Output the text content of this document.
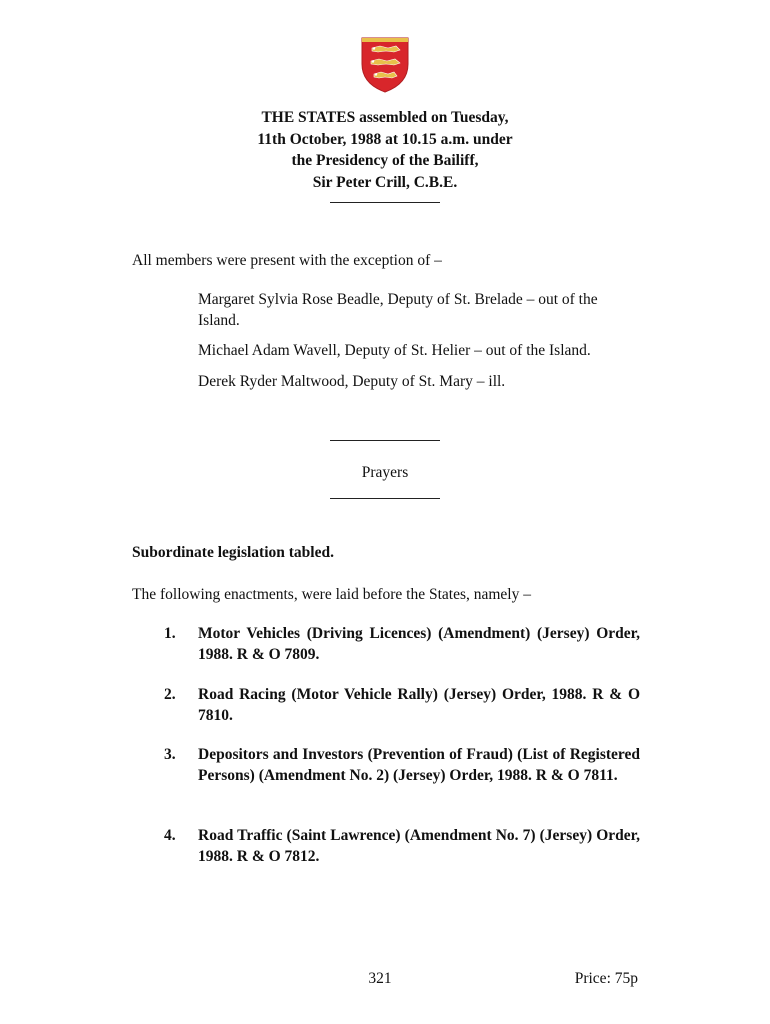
THE STATES assembled on Tuesday,
11th October, 1988 at 10.15 a.m. under
the Presidency of the Bailiff,
Sir Peter Crill, C.B.E.
All members were present with the exception of –

Margaret Sylvia Rose Beadle, Deputy of St. Brelade – out of the Island.

Michael Adam Wavell, Deputy of St. Helier – out of the Island.

Derek Ryder Maltwood, Deputy of St. Mary – ill.

Prayers
Subordinate legislation tabled.
The following enactments, were laid before the States, namely –
1.	Motor Vehicles (Driving Licences) (Amendment) (Jersey) Order, 1988. R & O 7809.
2.	Road Racing (Motor Vehicle Rally) (Jersey) Order, 1988. R & O 7810.
3.	Depositors and Investors (Prevention of Fraud) (List of Registered Persons) (Amendment No. 2) (Jersey) Order, 1988. R & O 7811.
4.	Road Traffic (Saint Lawrence) (Amendment No. 7) (Jersey) Order, 1988. R & O 7812.
321	Price: 75p
